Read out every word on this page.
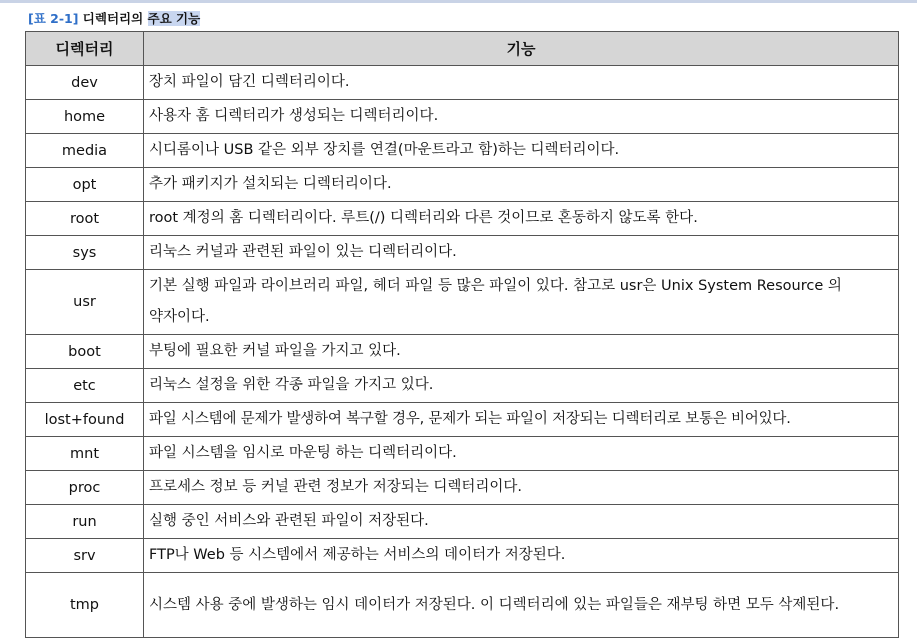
[표 2-1] 디렉터리의 주요 기능
디렉터리	기능
dev	장치 파일이 담긴 디렉터리이다.
home	사용자 홈 디렉터리가 생성되는 디렉터리이다.
media	시디롬이나 USB 같은 외부 장치를 연결(마운트라고 함)하는 디렉터리이다.
opt	추가 패키지가 설치되는 디렉터리이다.
root	root 계정의 홈 디렉터리이다. 루트(/) 디렉터리와 다른 것이므로 혼동하지 않도록 한다.
sys	리눅스 커널과 관련된 파일이 있는 디렉터리이다.
usr	기본 실행 파일과 라이브러리 파일, 헤더 파일 등 많은 파일이 있다. 참고로 usr은 Unix System Resource 의 약자이다.
boot	부팅에 필요한 커널 파일을 가지고 있다.
etc	리눅스 설정을 위한 각종 파일을 가지고 있다.
lost+found	파일 시스템에 문제가 발생하여 복구할 경우, 문제가 되는 파일이 저장되는 디렉터리로 보통은 비어있다.
mnt	파일 시스템을 임시로 마운팅 하는 디렉터리이다.
proc	프로세스 정보 등 커널 관련 정보가 저장되는 디렉터리이다.
run	실행 중인 서비스와 관련된 파일이 저장된다.
srv	FTP나 Web 등 시스템에서 제공하는 서비스의 데이터가 저장된다.
tmp	시스템 사용 중에 발생하는 임시 데이터가 저장된다. 이 디렉터리에 있는 파일들은 재부팅 하면 모두 삭제된다.
